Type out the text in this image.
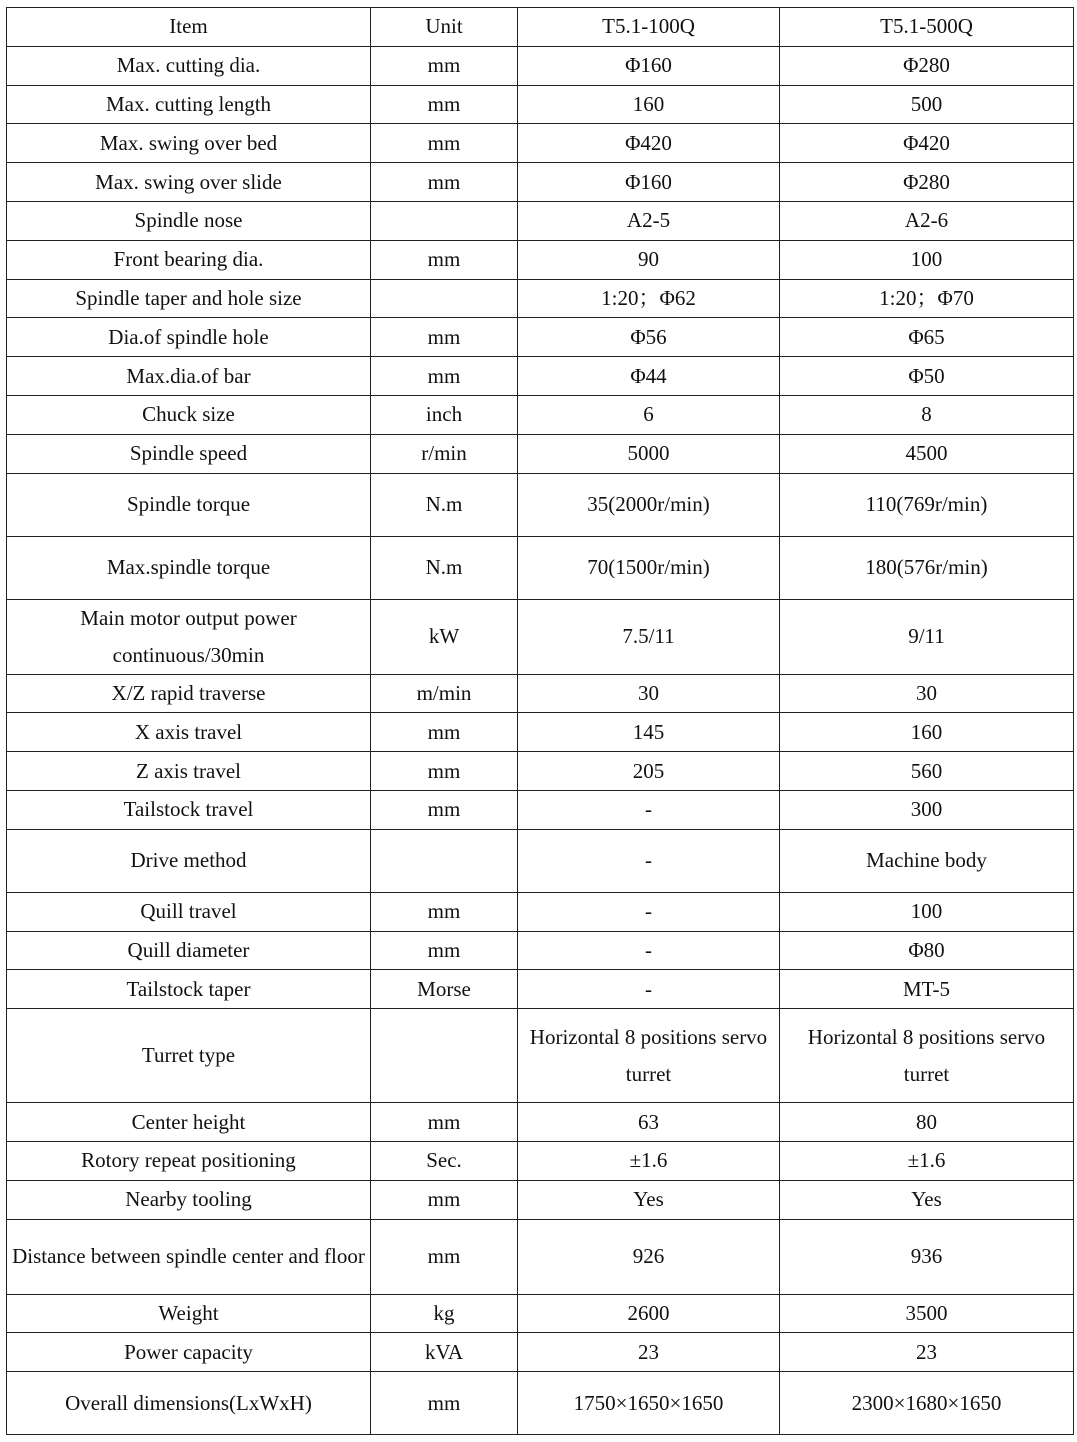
Item	Unit	T5.1-100Q	T5.1-500Q
Max. cutting dia.	mm	Φ160	Φ280
Max. cutting length	mm	160	500
Max. swing over bed	mm	Φ420	Φ420
Max. swing over slide	mm	Φ160	Φ280
Spindle nose		A2-5	A2-6
Front bearing dia.	mm	90	100
Spindle taper and hole size		1:20；Φ62	1:20；Φ70
Dia.of spindle hole	mm	Φ56	Φ65
Max.dia.of bar	mm	Φ44	Φ50
Chuck size	inch	6	8
Spindle speed	r/min	5000	4500
Spindle torque	N.m	35(2000r/min)	110(769r/min)
Max.spindle torque	N.m	70(1500r/min)	180(576r/min)
Main motor output power continuous/30min	kW	7.5/11	9/11
X/Z rapid traverse	m/min	30	30
X axis travel	mm	145	160
Z axis travel	mm	205	560
Tailstock travel	mm	-	300
Drive method		-	Machine body
Quill travel	mm	-	100
Quill diameter	mm	-	Φ80
Tailstock taper	Morse	-	MT-5
Turret type		Horizontal 8 positions servo turret	Horizontal 8 positions servo turret
Center height	mm	63	80
Rotory repeat positioning	Sec.	±1.6	±1.6
Nearby tooling	mm	Yes	Yes
Distance between spindle center and floor	mm	926	936
Weight	kg	2600	3500
Power capacity	kVA	23	23
Overall dimensions(LxWxH)	mm	1750×1650×1650	2300×1680×1650
